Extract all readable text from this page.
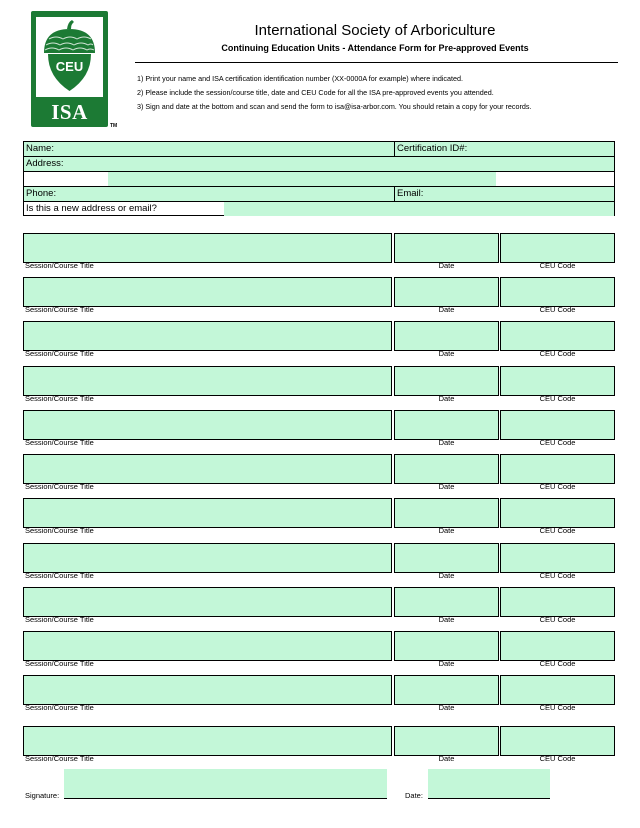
CEU
ISA
TM
International Society of Arboriculture
Continuing Education Units - Attendance Form for Pre-approved Events
1) Print your name and ISA certification identification number (XX-0000A for example) where indicated.
2) Please include the session/course title, date and CEU Code for all the ISA pre-approved events you attended.
3) Sign and date at the bottom and scan and send the form to isa@isa-arbor.com. You should retain a copy for your records.
Name:	Certification ID#:
Address:
Phone:	Email:
Is this a new address or email?
Session/Course Title	Date	CEU Code
Session/Course Title	Date	CEU Code
Session/Course Title	Date	CEU Code
Session/Course Title	Date	CEU Code
Session/Course Title	Date	CEU Code
Session/Course Title	Date	CEU Code
Session/Course Title	Date	CEU Code
Session/Course Title	Date	CEU Code
Session/Course Title	Date	CEU Code
Session/Course Title	Date	CEU Code
Session/Course Title	Date	CEU Code
Session/Course Title	Date	CEU Code
Signature:	Date:
